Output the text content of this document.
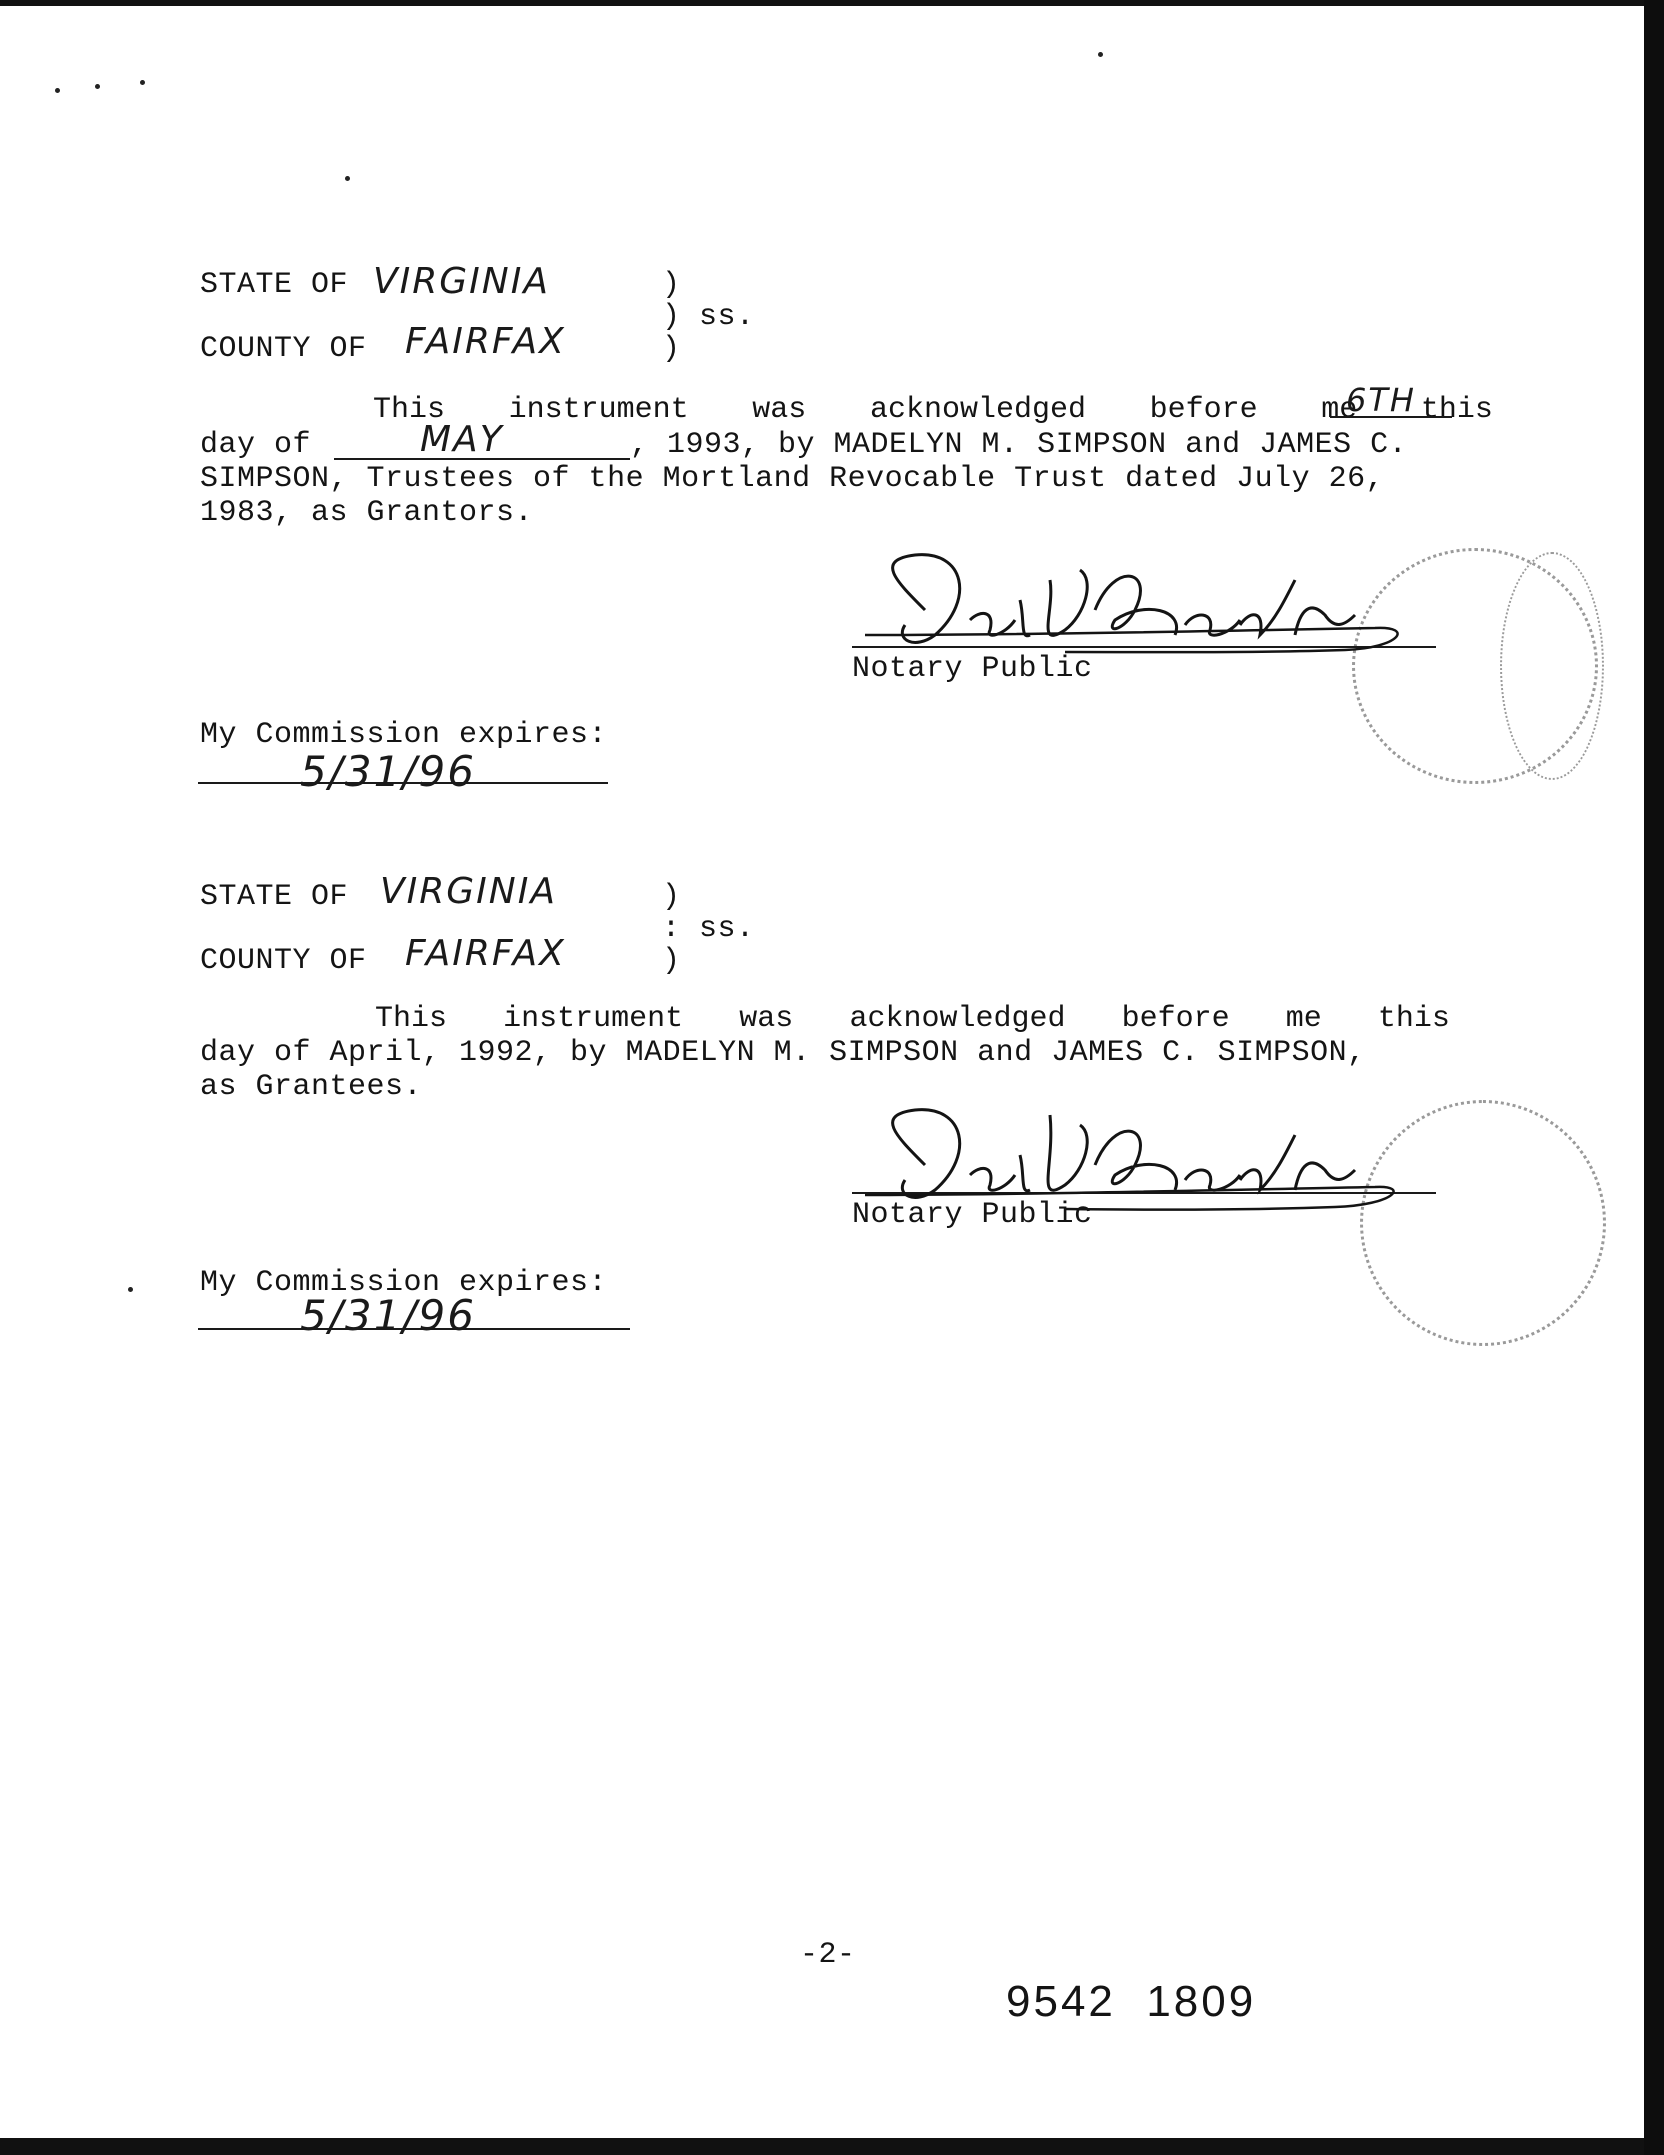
STATE OF VIRGINIA
COUNTY OF FAIRFAX
)
) ss.
)
This instrument was acknowledged before me this
6TH
day of	MAY	, 1993, by MADELYN M. SIMPSON and JAMES C.
SIMPSON, Trustees of the Mortland Revocable Trust dated July 26,
1983, as Grantors.
Notary Public
My Commission expires:
5/31/96
STATE OF VIRGINIA
COUNTY OF FAIRFAX
)
: ss.
)
This instrument was acknowledged before me this
day of April, 1992, by MADELYN M. SIMPSON and JAMES C. SIMPSON,
as Grantees.
Notary Public
My Commission expires:
5/31/96
-2-
9542  1809
